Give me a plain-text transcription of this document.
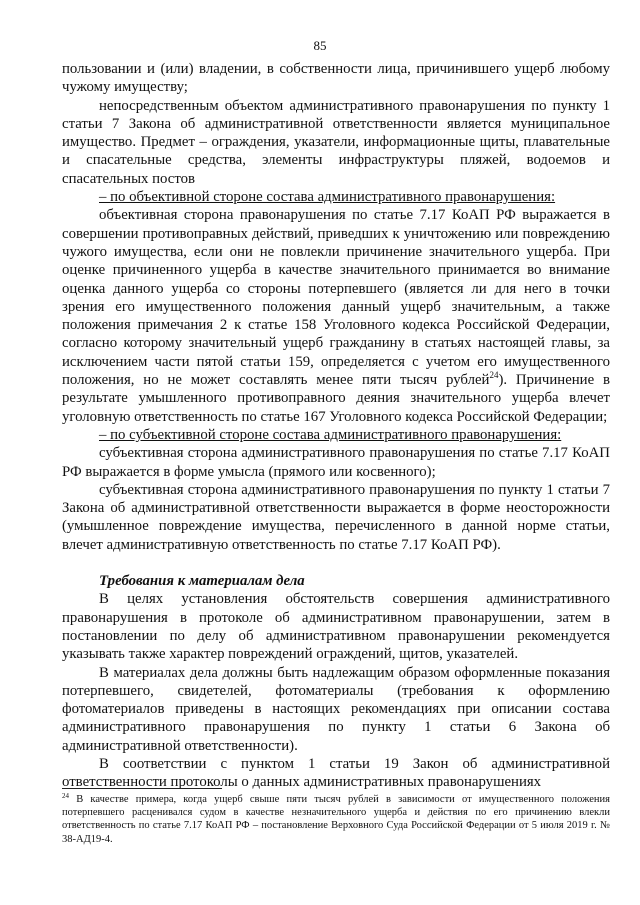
85

пользовании и (или) владении, в собственности лица, причинившего ущерб любому чужому имуществу;

непосредственным объектом административного правонарушения по пункту 1 статьи 7 Закона об административной ответственности является муниципальное имущество. Предмет – ограждения, указатели, информационные щиты, плавательные и спасательные средства, элементы инфраструктуры пляжей, водоемов и спасательных постов

– по объективной стороне состава административного правонарушения:

объективная сторона правонарушения по статье 7.17 КоАП РФ выражается в совершении противоправных действий, приведших к уничтожению или повреждению чужого имущества, если они не повлекли причинение значительного ущерба. При оценке причиненного ущерба в качестве значительного принимается во внимание оценка данного ущерба со стороны потерпевшего (является ли для него в точки зрения его имущественного положения данный ущерб значительным, а также положения примечания 2 к статье 158 Уголовного кодекса Российской Федерации, согласно которому значительный ущерб гражданину в статьях настоящей главы, за исключением части пятой статьи 159, определяется с учетом его имущественного положения, но не может составлять менее пяти тысяч рублей$^{24}$). Причинение в результате умышленного противоправного деяния значительного ущерба влечет уголовную ответственность по статье 167 Уголовного кодекса Российской Федерации;

– по субъективной стороне состава административного правонарушения:

субъективная сторона административного правонарушения по статье 7.17 КоАП РФ выражается в форме умысла (прямого или косвенного);

субъективная сторона административного правонарушения по пункту 1 статьи 7 Закона об административной ответственности выражается в форме неосторожности (умышленное повреждение имущества, перечисленного в данной норме статьи, влечет административную ответственность по статье 7.17 КоАП РФ).

Требования к материалам дела

В целях установления обстоятельств совершения административного правонарушения в протоколе об административном правонарушении, затем в постановлении по делу об административном правонарушении рекомендуется указывать также характер повреждений ограждений, щитов, указателей.

В материалах дела должны быть надлежащим образом оформленные показания потерпевшего, свидетелей, фотоматериалы (требования к оформлению фотоматериалов приведены в настоящих рекомендациях при описании состава административного правонарушения по пункту 1 статьи 6 Закона об административной ответственности).

В соответствии с пунктом 1 статьи 19 Закон об административной ответственности протоколы о данных административных правонарушениях

$^{24}$ В качестве примера, когда ущерб свыше пяти тысяч рублей в зависимости от имущественного положения потерпевшего расценивался судом в качестве незначительного ущерба и действия по его причинению влекли ответственность по статье 7.17 КоАП РФ – постановление Верховного Суда Российской Федерации от 5 июля 2019 г. № 38-АД19-4.
